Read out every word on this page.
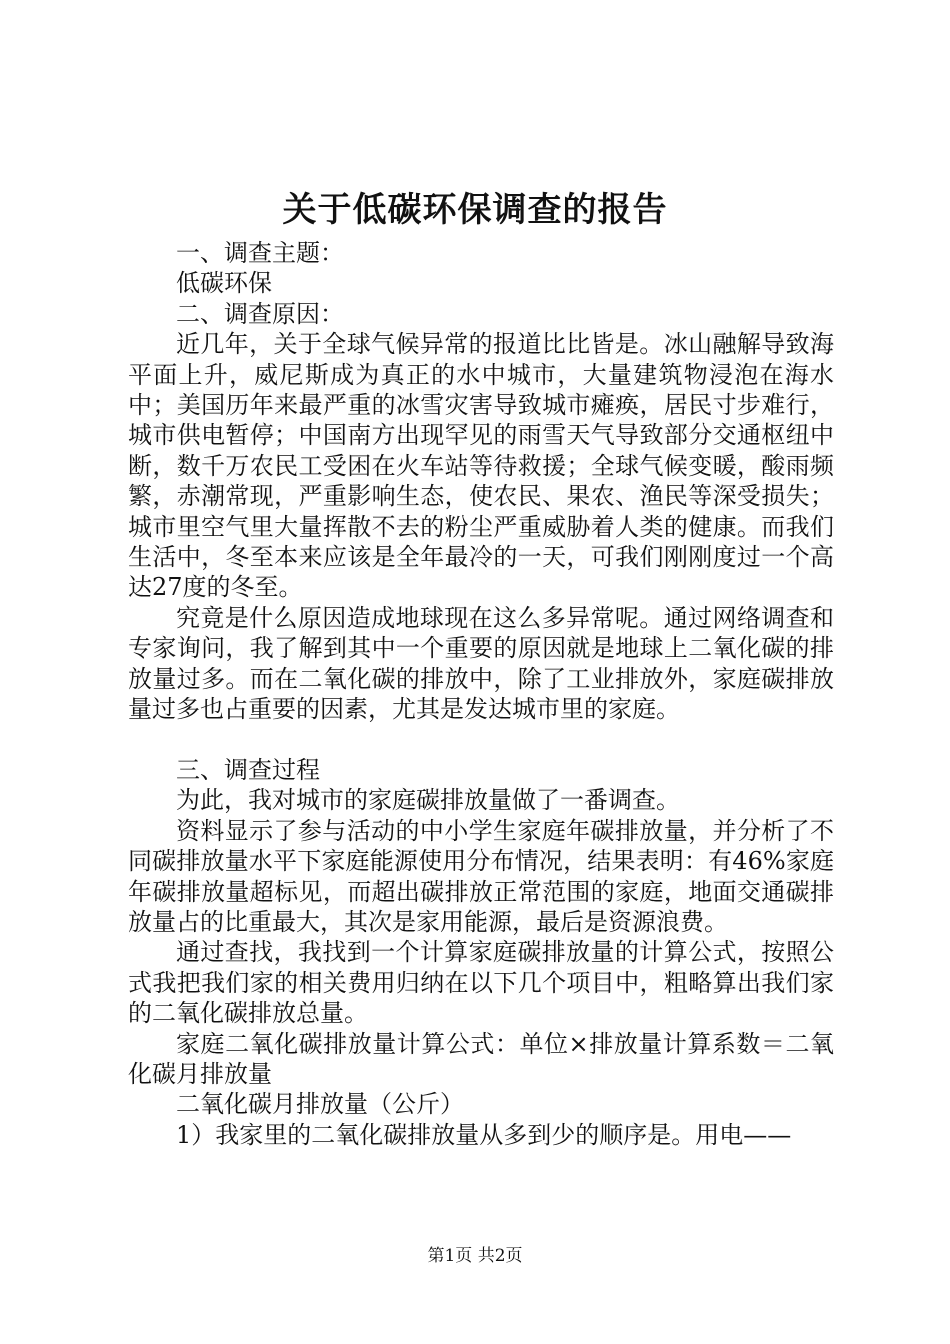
关于低碳环保调查的报告

一、调查主题：

低碳环保

二、调查原因：

近几年，关于全球气候异常的报道比比皆是。冰山融解导致海平面上升，威尼斯成为真正的水中城市，大量建筑物浸泡在海水中；美国历年来最严重的冰雪灾害导致城市瘫痪，居民寸步难行，城市供电暂停；中国南方出现罕见的雨雪天气导致部分交通枢纽中断，数千万农民工受困在火车站等待救援；全球气候变暖，酸雨频繁，赤潮常现，严重影响生态，使农民、果农、渔民等深受损失；城市里空气里大量挥散不去的粉尘严重威胁着人类的健康。而我们生活中，冬至本来应该是全年最冷的一天，可我们刚刚度过一个高达27度的冬至。

究竟是什么原因造成地球现在这么多异常呢。通过网络调查和专家询问，我了解到其中一个重要的原因就是地球上二氧化碳的排放量过多。而在二氧化碳的排放中，除了工业排放外，家庭碳排放量过多也占重要的因素，尤其是发达城市里的家庭。

三、调查过程

为此，我对城市的家庭碳排放量做了一番调查。

资料显示了参与活动的中小学生家庭年碳排放量，并分析了不同碳排放量水平下家庭能源使用分布情况，结果表明：有46%家庭年碳排放量超标见，而超出碳排放正常范围的家庭，地面交通碳排放量占的比重最大，其次是家用能源，最后是资源浪费。

通过查找，我找到一个计算家庭碳排放量的计算公式，按照公式我把我们家的相关费用归纳在以下几个项目中，粗略算出我们家的二氧化碳排放总量。

家庭二氧化碳排放量计算公式：单位×排放量计算系数＝二氧化碳月排放量

二氧化碳月排放量（公斤）

1）我家里的二氧化碳排放量从多到少的顺序是。用电——

第1页 共2页
